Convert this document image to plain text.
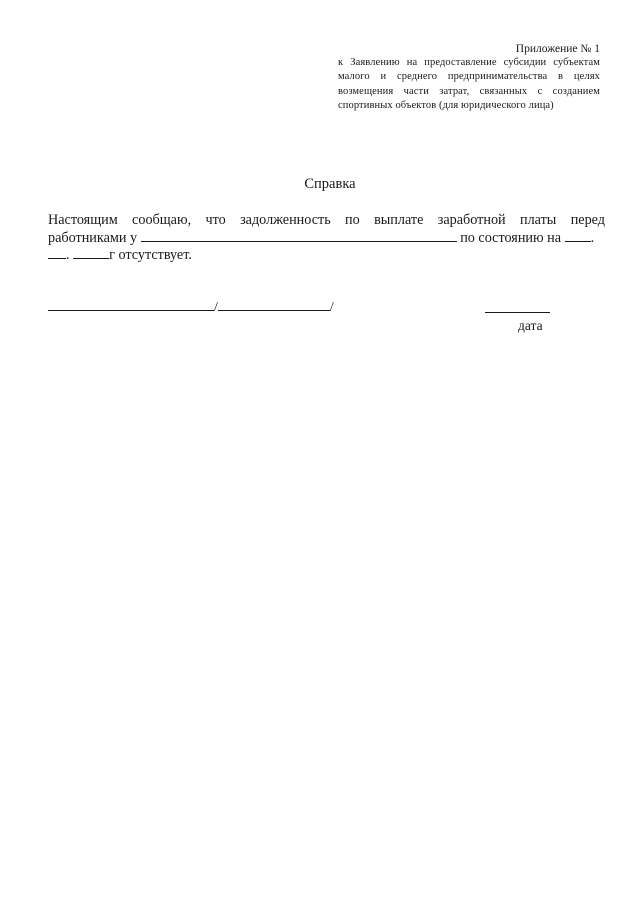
Приложение № 1
к Заявлению на предоставление субсидии субъектам малого и среднего предпринимательства в целях возмещения части затрат, связанных с созданием спортивных объектов (для юридического лица)
Справка
Настоящим сообщаю, что задолженность по выплате заработной платы перед
работниками у	по состоянию на .
.	г отсутствует.
/	/
дата
